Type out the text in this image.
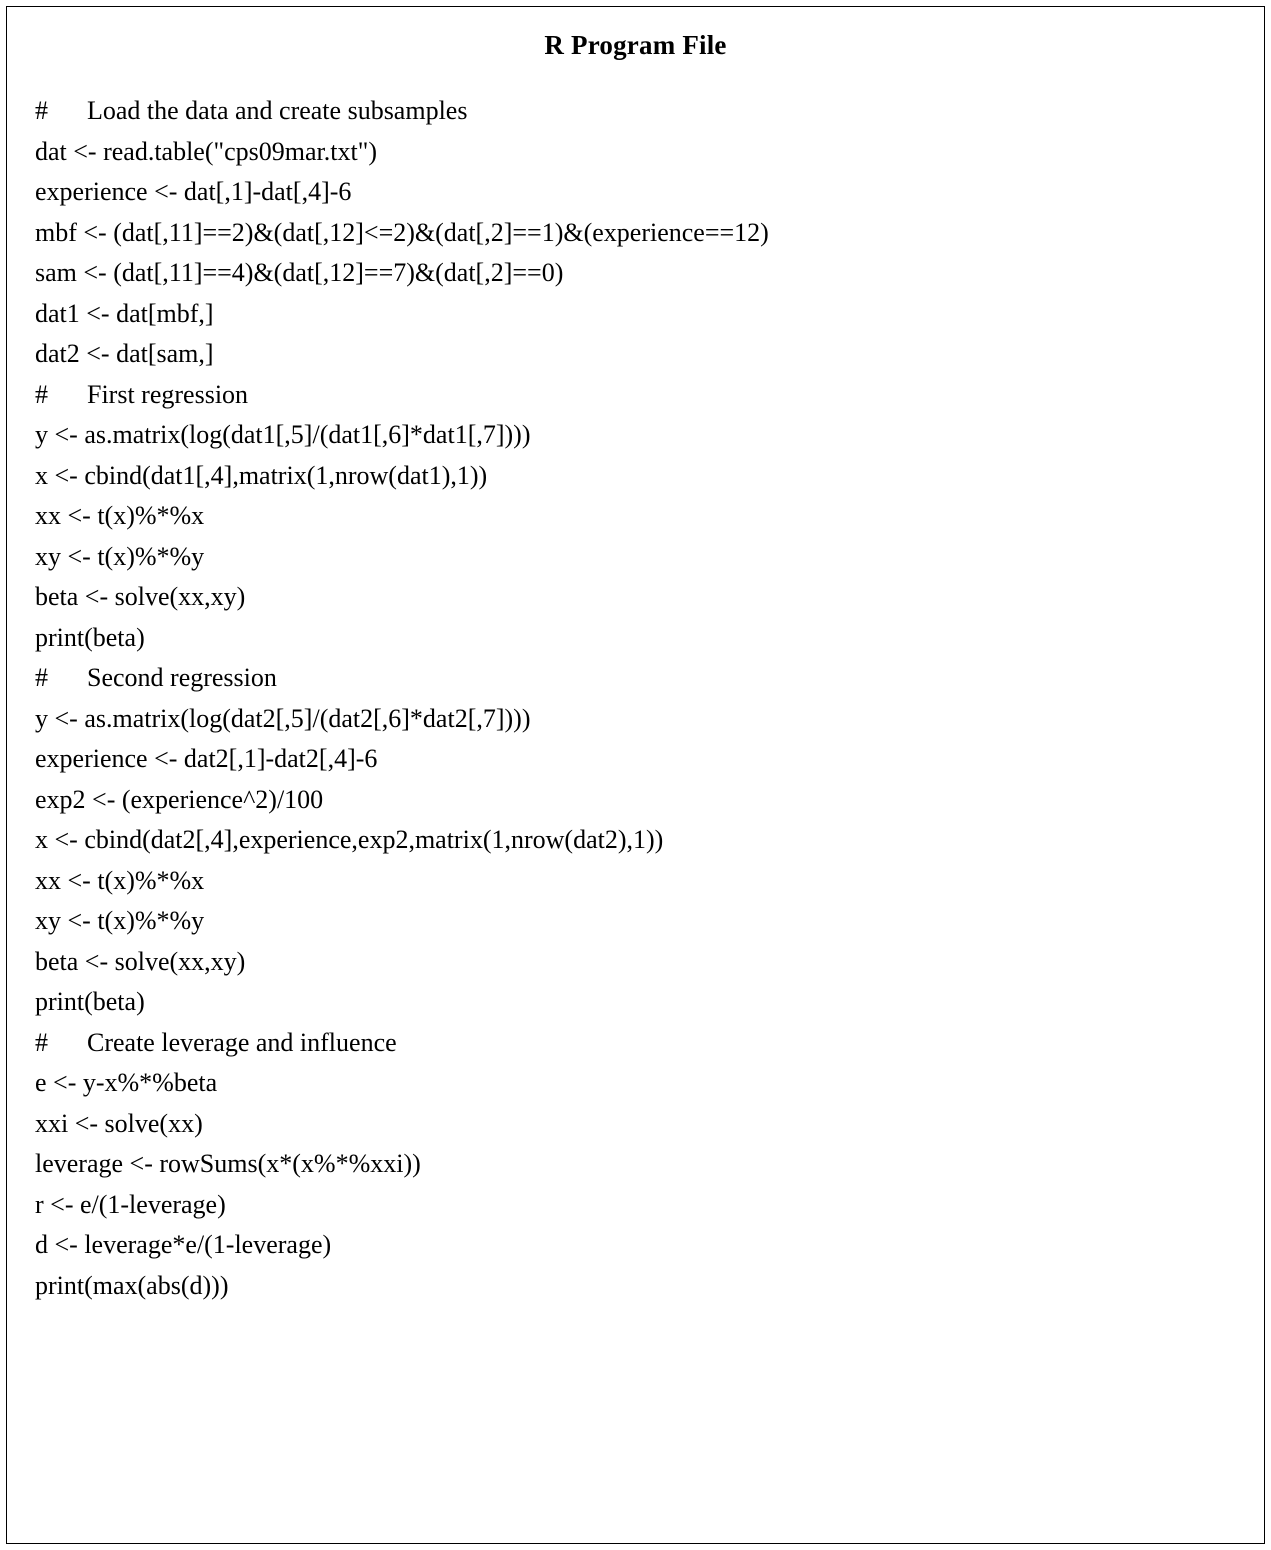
R Program File
#      Load the data and create subsamples
dat <- read.table("cps09mar.txt")
experience <- dat[,1]-dat[,4]-6
mbf <- (dat[,11]==2)&(dat[,12]<=2)&(dat[,2]==1)&(experience==12)
sam <- (dat[,11]==4)&(dat[,12]==7)&(dat[,2]==0)
dat1 <- dat[mbf,]
dat2 <- dat[sam,]
#      First regression
y <- as.matrix(log(dat1[,5]/(dat1[,6]*dat1[,7])))
x <- cbind(dat1[,4],matrix(1,nrow(dat1),1))
xx <- t(x)%*%x
xy <- t(x)%*%y
beta <- solve(xx,xy)
print(beta)
#      Second regression
y <- as.matrix(log(dat2[,5]/(dat2[,6]*dat2[,7])))
experience <- dat2[,1]-dat2[,4]-6
exp2 <- (experience^2)/100
x <- cbind(dat2[,4],experience,exp2,matrix(1,nrow(dat2),1))
xx <- t(x)%*%x
xy <- t(x)%*%y
beta <- solve(xx,xy)
print(beta)
#      Create leverage and influence
e <- y-x%*%beta
xxi <- solve(xx)
leverage <- rowSums(x*(x%*%xxi))
r <- e/(1-leverage)
d <- leverage*e/(1-leverage)
print(max(abs(d)))
